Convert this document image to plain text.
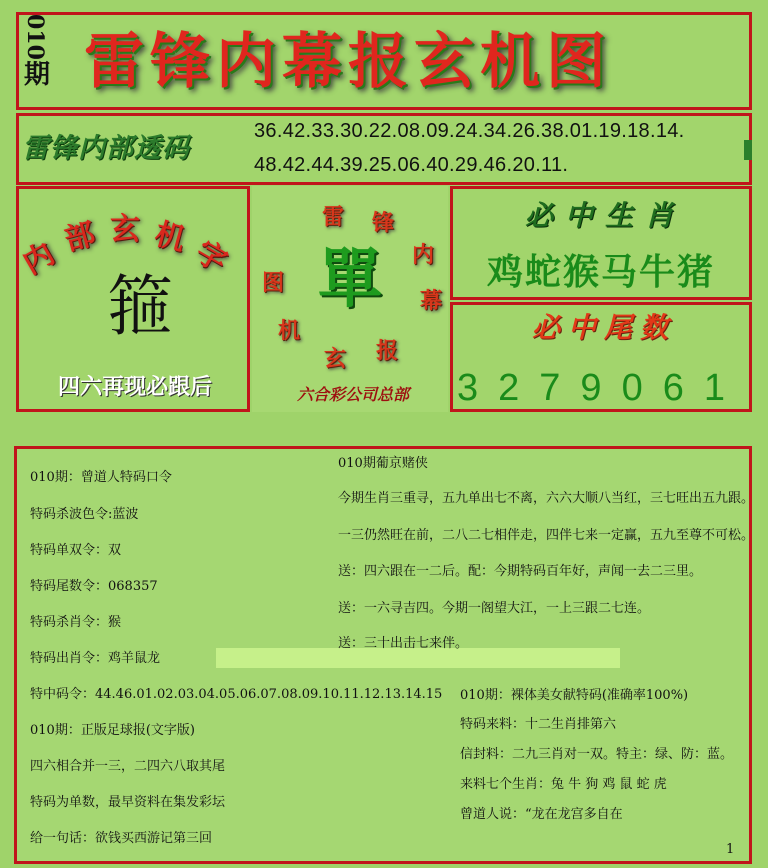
010
期 雷锋内幕报玄机图
雷锋内部透码
36.42.33.30.22.08.09.24.34.26.38.01.19.18.14.
48.42.44.39.25.06.40.29.46.20.11.
内 部 玄 机 字
箍
四六再现必跟后
雷 锋
内
幕
报
玄
机
图 單
六合彩公司总部
必中生肖
鸡蛇猴马牛猪
必中尾数
3279061
010期：曾道人特码口令
特码杀波色令:蓝波
特码单双令：双
特码尾数令：068357
特码杀肖令：猴
特码出肖令：鸡羊鼠龙
特中码令：44.46.01.02.03.04.05.06.07.08.09.10.11.12.13.14.15
010期：正版足球报(文字版)
四六相合并一三，二四六八取其尾
特码为单数，最早资料在集发彩坛
给一句话：欲钱买西游记第三回
010期葡京赌侠
今期生肖三重寻，五九单出七不离，六六大顺八当红，三七旺出五九跟。
一三仍然旺在前，二八二七相伴走，四伴七来一定赢，五九至尊不可松。
送：四六跟在一二后。配：今期特码百年好，声闻一去二三里。
送：一六寻吉四。今期一阁望大江，一上三跟二七连。
送：三十出击七来伴。
010期：裸体美女献特码(准确率100%)
特码来料：十二生肖排第六
信封料：二九三肖对一双。特主：绿、防：蓝。
来料七个生肖：兔 牛 狗 鸡 鼠 蛇 虎
曾道人说：“龙在龙宫多自在
1
